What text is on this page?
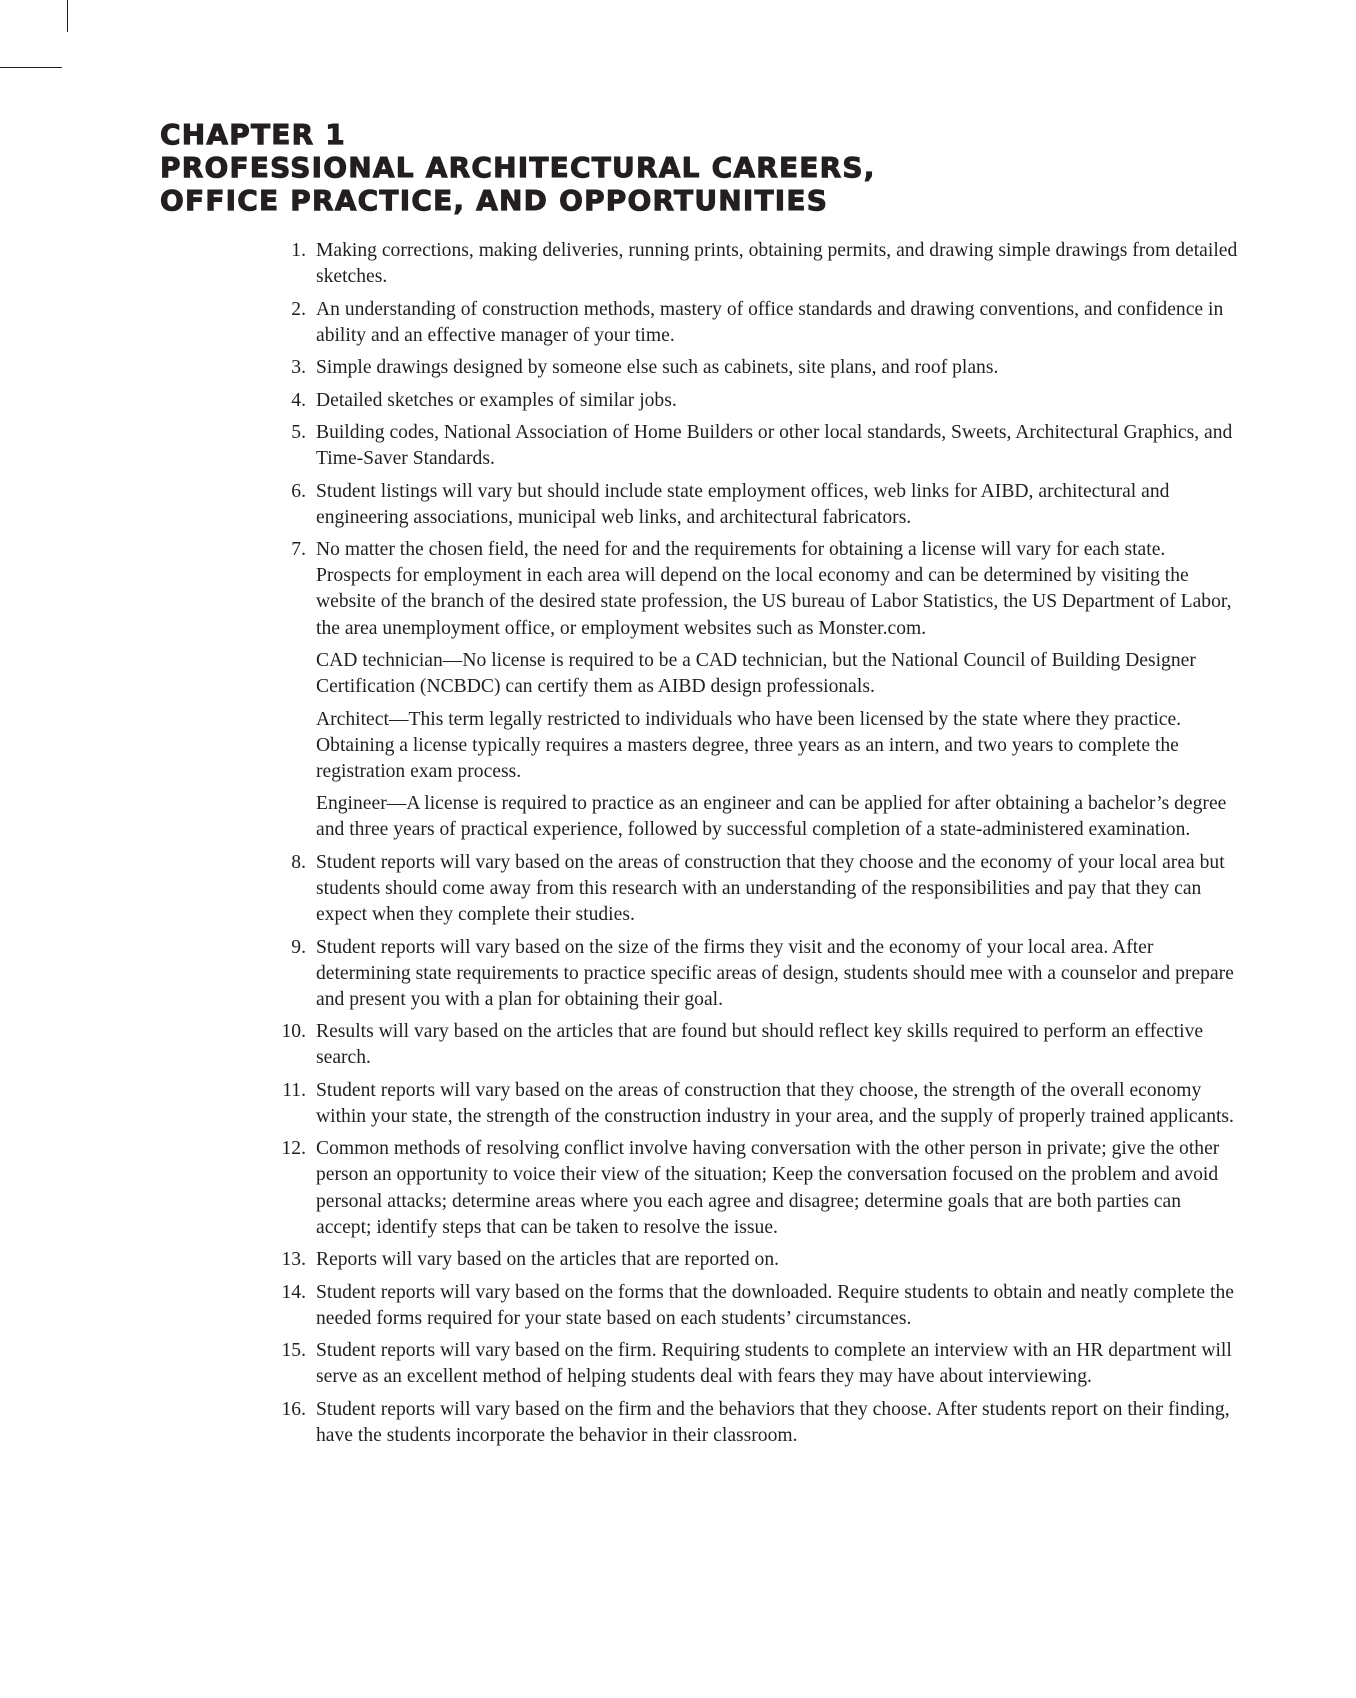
CHAPTER 1
PROFESSIONAL ARCHITECTURAL CAREERS,
OFFICE PRACTICE, AND OPPORTUNITIES
1. Making corrections, making deliveries, running prints, obtaining permits, and drawing simple drawings from detailed sketches.
2. An understanding of construction methods, mastery of office standards and drawing conventions, and confidence in ability and an effective manager of your time.
3. Simple drawings designed by someone else such as cabinets, site plans, and roof plans.
4. Detailed sketches or examples of similar jobs.
5. Building codes, National Association of Home Builders or other local standards, Sweets, Architectural Graphics, and Time-Saver Standards.
6. Student listings will vary but should include state employment offices, web links for AIBD, architectural and engineering associations, municipal web links, and architectural fabricators.
7. No matter the chosen field, the need for and the requirements for obtaining a license will vary for each state. Prospects for employment in each area will depend on the local economy and can be determined by visiting the website of the branch of the desired state profession, the US bureau of Labor Statistics, the US Department of Labor, the area unemployment office, or employment websites such as Monster.com.

CAD technician—No license is required to be a CAD technician, but the National Council of Building Designer Certification (NCBDC) can certify them as AIBD design professionals.

Architect—This term legally restricted to individuals who have been licensed by the state where they practice. Obtaining a license typically requires a masters degree, three years as an intern, and two years to complete the registration exam process.

Engineer—A license is required to practice as an engineer and can be applied for after obtaining a bachelor’s degree and three years of practical experience, followed by successful completion of a state-administered examination.

8. Student reports will vary based on the areas of construction that they choose and the economy of your local area but students should come away from this research with an understanding of the responsibilities and pay that they can expect when they complete their studies.
9. Student reports will vary based on the size of the firms they visit and the economy of your local area. After determining state requirements to practice specific areas of design, students should mee with a counselor and prepare and present you with a plan for obtaining their goal.
10. Results will vary based on the articles that are found but should reflect key skills required to perform an effective search.
11. Student reports will vary based on the areas of construction that they choose, the strength of the overall economy within your state, the strength of the construction industry in your area, and the supply of properly trained applicants.
12. Common methods of resolving conflict involve having conversation with the other person in private; give the other person an opportunity to voice their view of the situation; Keep the conversation focused on the problem and avoid personal attacks; determine areas where you each agree and disagree; determine goals that are both parties can accept; identify steps that can be taken to resolve the issue.
13. Reports will vary based on the articles that are reported on.
14. Student reports will vary based on the forms that the downloaded. Require students to obtain and neatly complete the needed forms required for your state based on each students’ circumstances.
15. Student reports will vary based on the firm. Requiring students to complete an interview with an HR department will serve as an excellent method of helping students deal with fears they may have about interviewing.
16. Student reports will vary based on the firm and the behaviors that they choose. After students report on their finding, have the students incorporate the behavior in their classroom.
